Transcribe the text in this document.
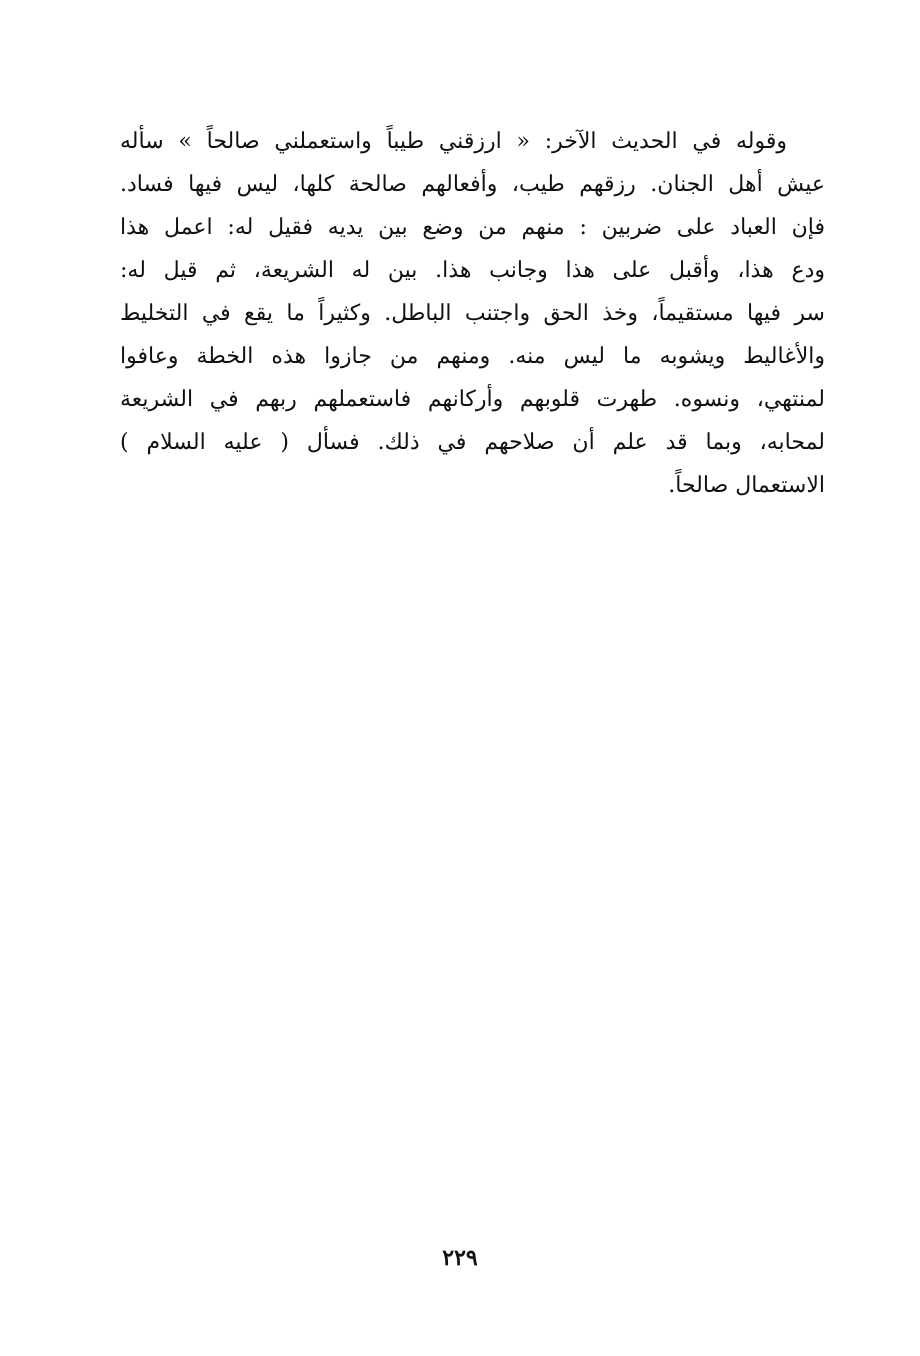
وقوله في الحديث الآخر: « ارزقني طيباً واستعملني صالحاً » سأله
عيش أهل الجنان. رزقهم طيب، وأفعالهم صالحة كلها، ليس فيها فساد.
فإن العباد على ضربين : منهم من وضع بين يديه فقيل له: اعمل هذا
ودع هذا، وأقبل على هذا وجانب هذا. بين له الشريعة، ثم قيل له:
سر فيها مستقيماً، وخذ الحق واجتنب الباطل. وكثيراً ما يقع في التخليط
والأغاليط ويشوبه ما ليس منه. ومنهم من جازوا هذه الخطة وعافوا
لمنتهي، ونسوه. طهرت قلوبهم وأركانهم فاستعملهم ربهم في الشريعة
لمحابه، وبما قد علم أن صلاحهم في ذلك. فسأل ( عليه السلام )
الاستعمال صالحاً.
٢٢٩
